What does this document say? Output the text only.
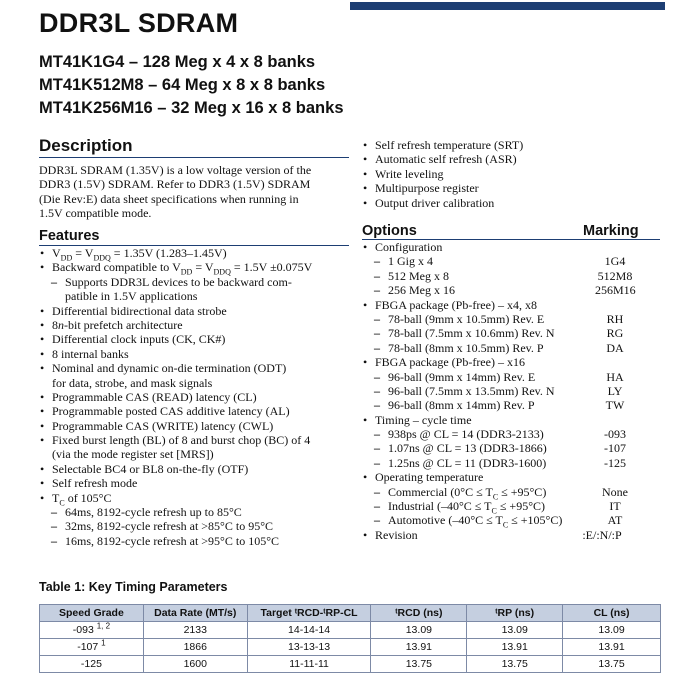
DDR3L SDRAM
MT41K1G4 – 128 Meg x 4 x 8 banks
MT41K512M8 – 64 Meg x 8 x 8 banks
MT41K256M16 – 32 Meg x 16 x 8 banks
Description
DDR3L SDRAM (1.35V) is a low voltage version of the
DDR3 (1.5V) SDRAM. Refer to DDR3 (1.5V) SDRAM
(Die Rev:E) data sheet specifications when running in
1.5V compatible mode.
Features
• $V_{DD} = V_{DDQ} = 1.35V$ (1.283–1.45V)
• Backward compatible to $V_{DD} = V_{DDQ} = 1.5V \pm 0.075V$
– Supports DDR3L devices to be backward com-
patible in 1.5V applications
• Differential bidirectional data strobe
• 8n-bit prefetch architecture
• Differential clock inputs (CK, CK#)
• 8 internal banks
• Nominal and dynamic on-die termination (ODT)
for data, strobe, and mask signals
• Programmable CAS (READ) latency (CL)
• Programmable posted CAS additive latency (AL)
• Programmable CAS (WRITE) latency (CWL)
• Fixed burst length (BL) of 8 and burst chop (BC) of 4
(via the mode register set [MRS])
• Selectable BC4 or BL8 on-the-fly (OTF)
• Self refresh mode
• $T_C$ of 105°C
– 64ms, 8192-cycle refresh up to 85°C
– 32ms, 8192-cycle refresh at >85°C to 95°C
– 16ms, 8192-cycle refresh at >95°C to 105°C
• Self refresh temperature (SRT)
• Automatic self refresh (ASR)
• Write leveling
• Multipurpose register
• Output driver calibration
Options	Marking
• Configuration
– 1 Gig x 4	1G4
– 512 Meg x 8	512M8
– 256 Meg x 16	256M16
• FBGA package (Pb-free) – x4, x8
– 78-ball (9mm x 10.5mm) Rev. E	RH
– 78-ball (7.5mm x 10.6mm) Rev. N	RG
– 78-ball (8mm x 10.5mm) Rev. P	DA
• FBGA package (Pb-free) – x16
– 96-ball (9mm x 14mm) Rev. E	HA
– 96-ball (7.5mm x 13.5mm) Rev. N	LY
– 96-ball (8mm x 14mm) Rev. P	TW
• Timing – cycle time
– 938ps @ CL = 14 (DDR3-2133)	-093
– 1.07ns @ CL = 13 (DDR3-1866)	-107
– 1.25ns @ CL = 11 (DDR3-1600)	-125
• Operating temperature
– Commercial $(0^\circ C \le T_C \le +95^\circ C)$	None
– Industrial $(-40^\circ C \le T_C \le +95^\circ C)$	IT
– Automotive $(-40^\circ C \le T_C \le +105^\circ C)$	AT
• Revision	:E/:N/:P
Table 1: Key Timing Parameters
Speed Grade	Data Rate (MT/s)	Target ᵗRCD-ᵗRP-CL	ᵗRCD (ns)	ᵗRP (ns)	CL (ns)
-093 $^{1, 2}$	2133	14-14-14	13.09	13.09	13.09
-107 $^1$	1866	13-13-13	13.91	13.91	13.91
-125	1600	11-11-11	13.75	13.75	13.75
